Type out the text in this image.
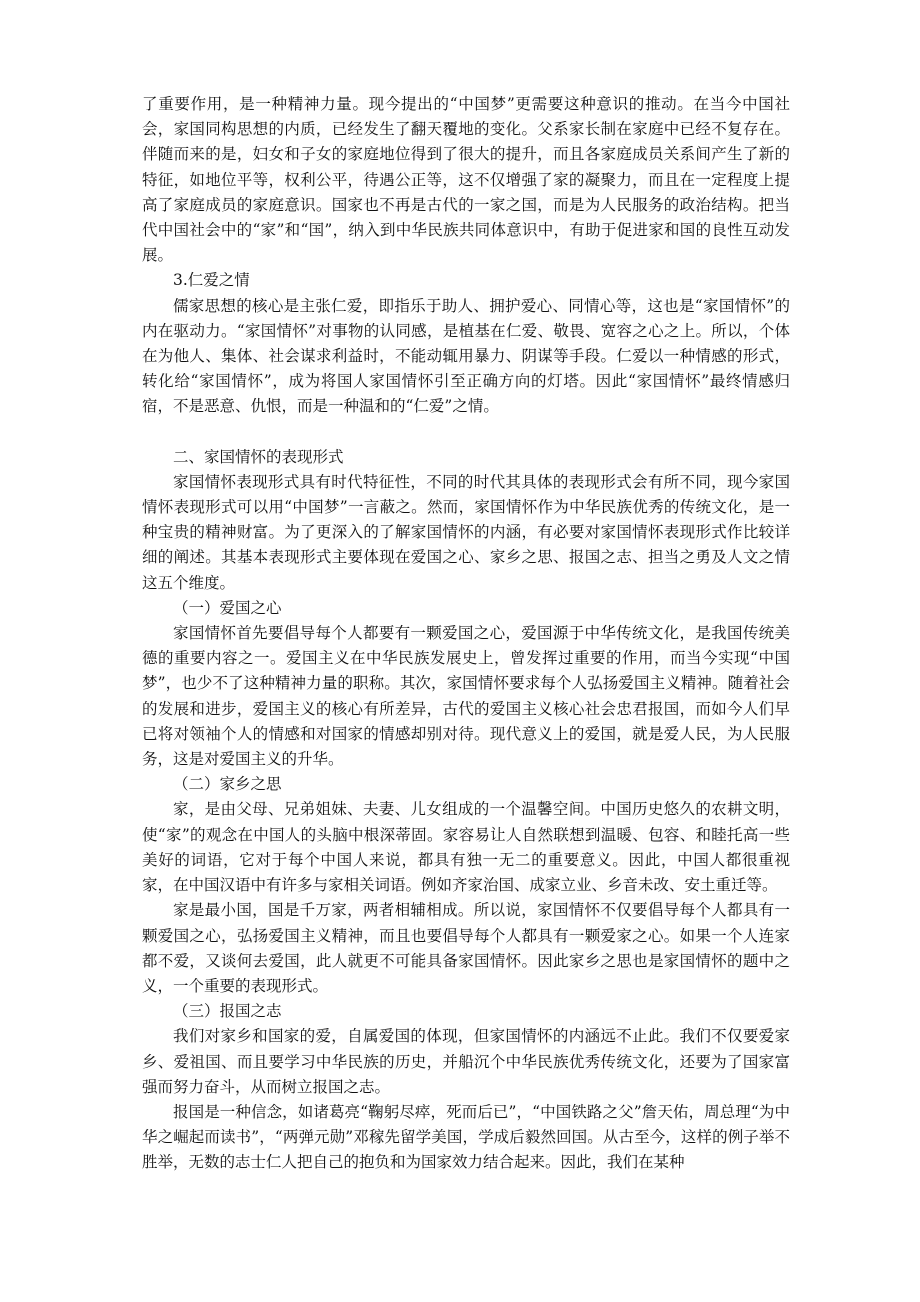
了重要作用，是一种精神力量。现今提出的“中国梦”更需要这种意识的推动。在当今中国社会，家国同构思想的内质，已经发生了翻天覆地的变化。父系家长制在家庭中已经不复存在。伴随而来的是，妇女和子女的家庭地位得到了很大的提升，而且各家庭成员关系间产生了新的特征，如地位平等，权利公平，待遇公正等，这不仅增强了家的凝聚力，而且在一定程度上提高了家庭成员的家庭意识。国家也不再是古代的一家之国，而是为人民服务的政治结构。把当代中国社会中的“家”和“国”，纳入到中华民族共同体意识中，有助于促进家和国的良性互动发展。

3.仁爱之情

儒家思想的核心是主张仁爱，即指乐于助人、拥护爱心、同情心等，这也是“家国情怀”的内在驱动力。“家国情怀”对事物的认同感，是植基在仁爱、敬畏、宽容之心之上。所以，个体在为他人、集体、社会谋求利益时，不能动辄用暴力、阴谋等手段。仁爱以一种情感的形式，转化给“家国情怀”，成为将国人家国情怀引至正确方向的灯塔。因此“家国情怀”最终情感归宿，不是恶意、仇恨，而是一种温和的“仁爱”之情。

二、家国情怀的表现形式

家国情怀表现形式具有时代特征性，不同的时代其具体的表现形式会有所不同，现今家国情怀表现形式可以用“中国梦”一言蔽之。然而，家国情怀作为中华民族优秀的传统文化，是一种宝贵的精神财富。为了更深入的了解家国情怀的内涵，有必要对家国情怀表现形式作比较详细的阐述。其基本表现形式主要体现在爱国之心、家乡之思、报国之志、担当之勇及人文之情这五个维度。

（一）爱国之心

家国情怀首先要倡导每个人都要有一颗爱国之心，爱国源于中华传统文化，是我国传统美德的重要内容之一。爱国主义在中华民族发展史上，曾发挥过重要的作用，而当今实现“中国梦”，也少不了这种精神力量的职称。其次，家国情怀要求每个人弘扬爱国主义精神。随着社会的发展和进步，爱国主义的核心有所差异，古代的爱国主义核心社会忠君报国，而如今人们早已将对领袖个人的情感和对国家的情感却别对待。现代意义上的爱国，就是爱人民，为人民服务，这是对爱国主义的升华。

（二）家乡之思

家，是由父母、兄弟姐妹、夫妻、儿女组成的一个温馨空间。中国历史悠久的农耕文明，使“家”的观念在中国人的头脑中根深蒂固。家容易让人自然联想到温暖、包容、和睦托高一些美好的词语，它对于每个中国人来说，都具有独一无二的重要意义。因此，中国人都很重视家，在中国汉语中有许多与家相关词语。例如齐家治国、成家立业、乡音未改、安土重迁等。

家是最小国，国是千万家，两者相辅相成。所以说，家国情怀不仅要倡导每个人都具有一颗爱国之心，弘扬爱国主义精神，而且也要倡导每个人都具有一颗爱家之心。如果一个人连家都不爱，又谈何去爱国，此人就更不可能具备家国情怀。因此家乡之思也是家国情怀的题中之义，一个重要的表现形式。

（三）报国之志

我们对家乡和国家的爱，自属爱国的体现，但家国情怀的内涵远不止此。我们不仅要爱家乡、爱祖国、而且要学习中华民族的历史，并船沉个中华民族优秀传统文化，还要为了国家富强而努力奋斗，从而树立报国之志。

报国是一种信念，如诸葛亮“鞠躬尽瘁，死而后已”，“中国铁路之父”詹天佑，周总理“为中华之崛起而读书”，“两弹元勋”邓稼先留学美国，学成后毅然回国。从古至今，这样的例子举不胜举，无数的志士仁人把自己的抱负和为国家效力结合起来。因此，我们在某种
